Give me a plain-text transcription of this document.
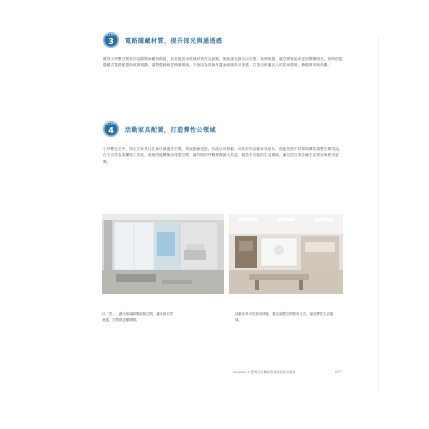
STEP
3 電路隱藏材質，提升採光與通透感
雖然小坪數空間常因為隔間而顯得侷促，但若能善用玻璃材質作為區隔，便能讓光線自由穿透、延伸視覺，讓空間看起來更加開闊明亮。同時搭配隱藏式電路配置與收納規劃，讓整體線條更簡潔俐落，不會因為管線外露而破壞設計美感，打造出舒適宜人的居家環境，兼顧實用與美觀。
STEP
4 活動家具配置，打造彈性公領域
小坪數住宅中，固定式家具往往會佔據過多空間，導致動線受阻。若改以可移動、可收折的活動家具取代，便能依照不同情境彈性調整空間用途。白天可作為客廳與工作區，夜晚則能轉換成休憩空間，讓有限的坪數發揮最大效益，創造多功能的生活場域，滿足居住者各種生活需求與使用習慣。
以「景」，藉由玻璃隔間區隔空間，讓光線自然流通，空間感更顯開闊。
活動家具可依需求移動，靈活調整空間使用方式，創造彈性生活場域。
Chapter 2 實現住宅機能與美感的設計提案	077
